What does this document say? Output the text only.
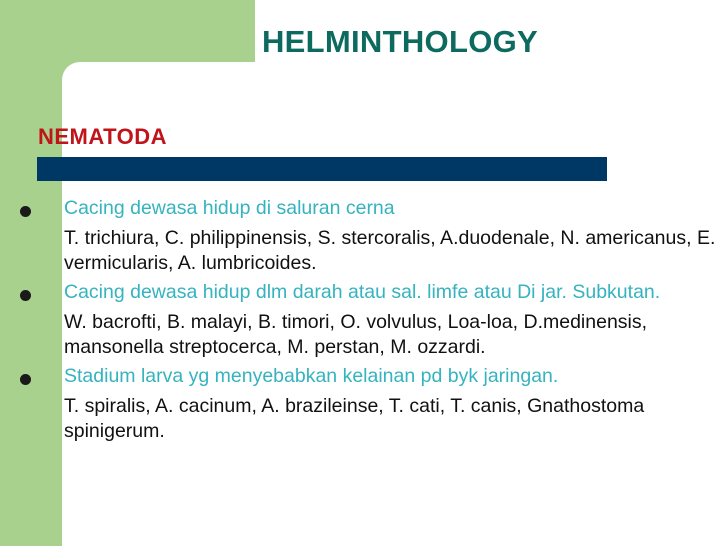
HELMINTHOLOGY
NEMATODA
Cacing dewasa hidup di saluran cerna
T. trichiura, C. philippinensis, S. stercoralis, A.duodenale, N. americanus, E. vermicularis, A. lumbricoides.
Cacing dewasa hidup dlm darah atau sal. limfe atau Di jar. Subkutan.
W. bacrofti, B. malayi, B. timori, O. volvulus, Loa-loa, D.medinensis, mansonella streptocerca, M. perstan, M. ozzardi.
Stadium larva yg menyebabkan kelainan pd byk jaringan.
T. spiralis, A. cacinum, A. brazileinse, T. cati, T. canis, Gnathostoma spinigerum.
